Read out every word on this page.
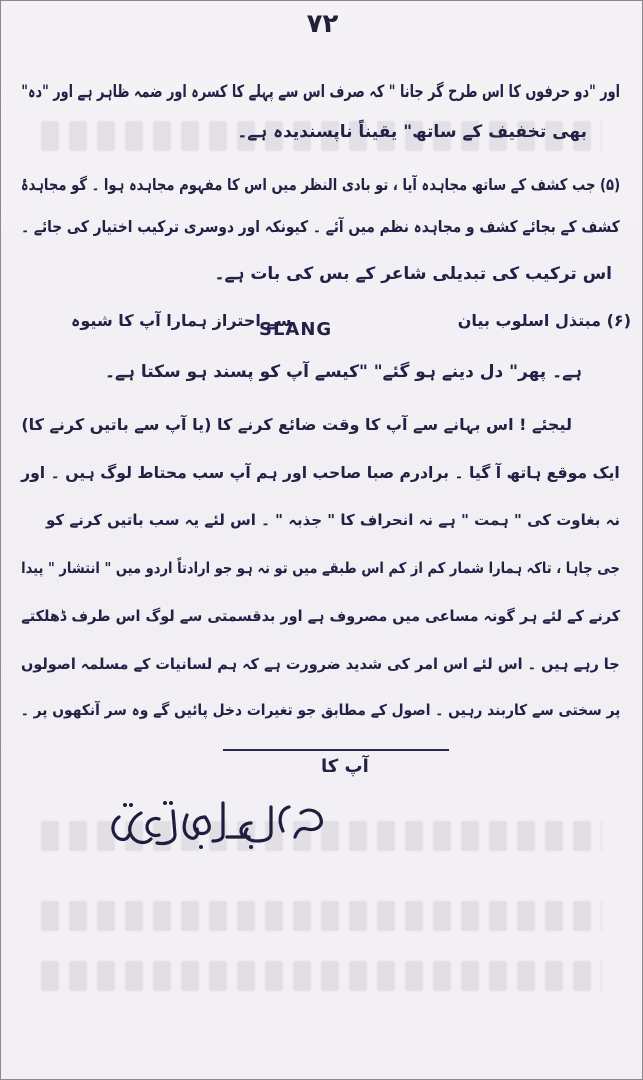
۷۲
اور "دو حرفوں کا اس طرح گر جانا " کہ صرف اس سے پہلے کا کسرہ اور ضمہ ظاہر ہے اور "دہ"
بھی تخفیف کے ساتھ" یقیناً ناپسندیدہ ہے۔
(۵) جب کشف کے ساتھ مجاہدہ آیا ، تو بادی النظر میں اس کا مفہوم مجاہدہ ہوا ۔ گو مجاہدۂ
کشف کے بجائے کشف و مجاہدہ نظم میں آئے ۔ کیونکہ اور دوسری ترکیب اختیار کی جائے ۔
اس ترکیب کی تبدیلی شاعر کے بس کی بات ہے۔
(۶) مبتذل اسلوب بیان
SLANG
سے احتراز ہمارا آپ کا شیوہ
ہے۔ پھر" دل دینے ہو گئے" "کیسے آپ کو پسند ہو سکتا ہے۔
لیجئے ! اس بہانے سے آپ کا وقت ضائع کرنے کا (یا آپ سے باتیں کرنے کا)
ایک موقع ہاتھ آ گیا ۔ برادرم صبا صاحب اور ہم آپ سب محتاط لوگ ہیں ۔ اور
نہ بغاوت کی " ہمت " ہے نہ انحراف کا " جذبہ " ۔ اس لئے یہ سب باتیں کرنے کو
جی چاہا ، تاکہ ہمارا شمار کم از کم اس طبقے میں تو نہ ہو جو ارادتاً اردو میں " انتشار " پیدا
کرنے کے لئے ہر گونہ مساعی میں مصروف ہے اور بدقسمتی سے لوگ اس طرف ڈھلکتے
جا رہے ہیں ۔ اس لئے اس امر کی شدید ضرورت ہے کہ ہم لسانیات کے مسلمہ اصولوں
پر سختی سے کاربند رہیں ۔ اصول کے مطابق جو تغیرات دخل پائیں گے وہ سر آنکھوں پر ۔
آپ کا
